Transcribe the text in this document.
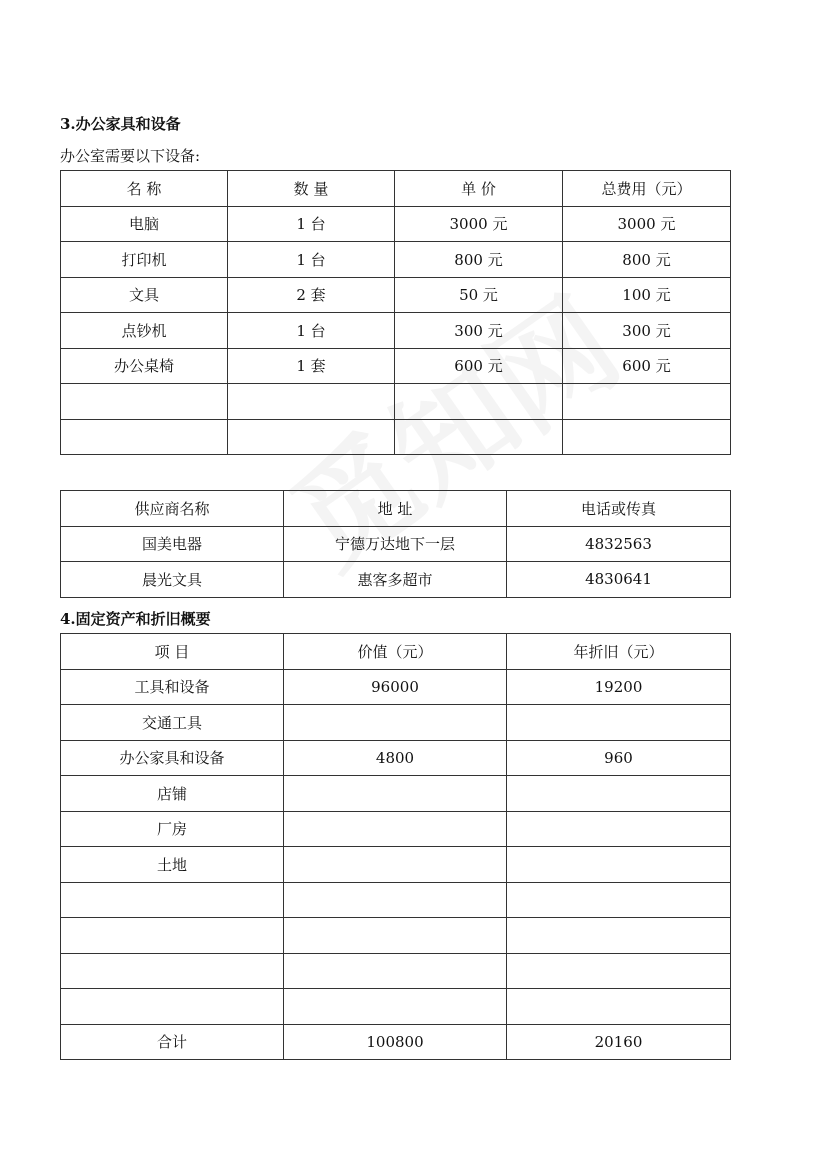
3.办公家具和设备

办公室需要以下设备:

名 称	数 量	单 价	总费用（元）
电脑	1 台	3000 元	3000 元
打印机	1 台	800 元	800 元
文具	2 套	50 元	100 元
点钞机	1 台	300 元	300 元
办公桌椅	1 套	600 元	600 元

供应商名称	地 址	电话或传真
国美电器	宁德万达地下一层	4832563
晨光文具	惠客多超市	4830641
4.固定资产和折旧概要
项 目	价值（元）	年折旧（元）
工具和设备	96000	19200
交通工具		
办公家具和设备	4800	960
店铺		
厂房		
土地		

合计	100800	20160
